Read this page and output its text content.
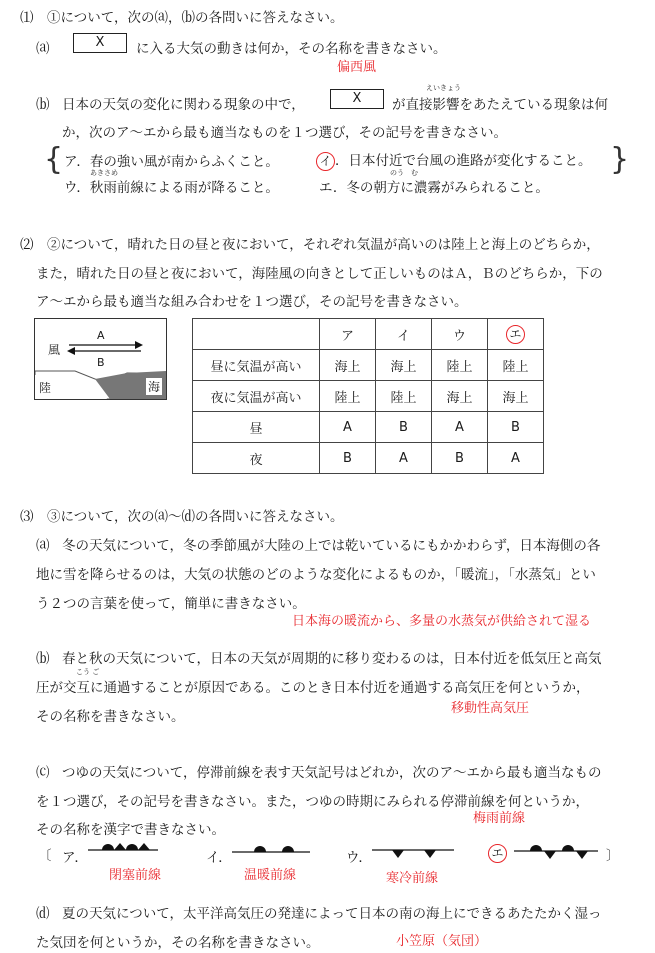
⑴　①について，次の⒜，⒝の各問いに答えなさい。
⒜	X	に入る大気の動きは何か，その名称を書きなさい。
偏西風
⒝ 日本の天気の変化に関わる現象の中で，	X
えいきょう
が直接影響をあたえている現象は何
か，次のア～エから最も適当なものを１つ選び，その記号を書きなさい。
{	}
ア．春の強い風が南からふくこと。	イ ．日本付近で台風の進路が変化すること。
あきさめ
ウ．秋雨前線による雨が降ること。
のう　む
エ．冬の朝方に濃霧がみられること。
⑵　②について，晴れた日の昼と夜において，それぞれ気温が高いのは陸上と海上のどちらか，
また，晴れた日の昼と夜において，海陸風の向きとして正しいものはＡ，Ｂのどちらか，下の
ア～エから最も適当な組み合わせを１つ選び，その記号を書きなさい。
A
B
風
陸	海
	ア	イ	ウ	エ
昼に気温が高い	海上	海上	陸上	陸上
夜に気温が高い	陸上	陸上	海上	海上
昼	A	B	A	B
夜	B	A	B	A
⑶　③について，次の⒜～⒟の各問いに答えなさい。
⒜ 冬の天気について，冬の季節風が大陸の上では乾いているにもかかわらず，日本海側の各
地に雪を降らせるのは，大気の状態のどのような変化によるものか，「暖流」，「水蒸気」とい
う２つの言葉を使って，簡単に書きなさい。
日本海の暖流から、多量の水蒸気が供給されて湿る
⒝ 春と秋の天気について，日本の天気が周期的に移り変わるのは，日本付近を低気圧と高気
こう ご
圧が交互に通過することが原因である。このとき日本付近を通過する高気圧を何というか，
その名称を書きなさい。
移動性高気圧
⒞ つゆの天気について，停滞前線を表す天気記号はどれか，次のア～エから最も適当なもの
を１つ選び，その記号を書きなさい。また，つゆの時期にみられる停滞前線を何というか，
梅雨前線
その名称を漢字で書きなさい。
〔	〕
ア．
閉塞前線
イ．
温暖前線
ウ．
寒冷前線
エ
⒟ 夏の天気について，太平洋高気圧の発達によって日本の南の海上にできるあたたかく湿っ
た気団を何というか，その名称を書きなさい。	小笠原（気団）
